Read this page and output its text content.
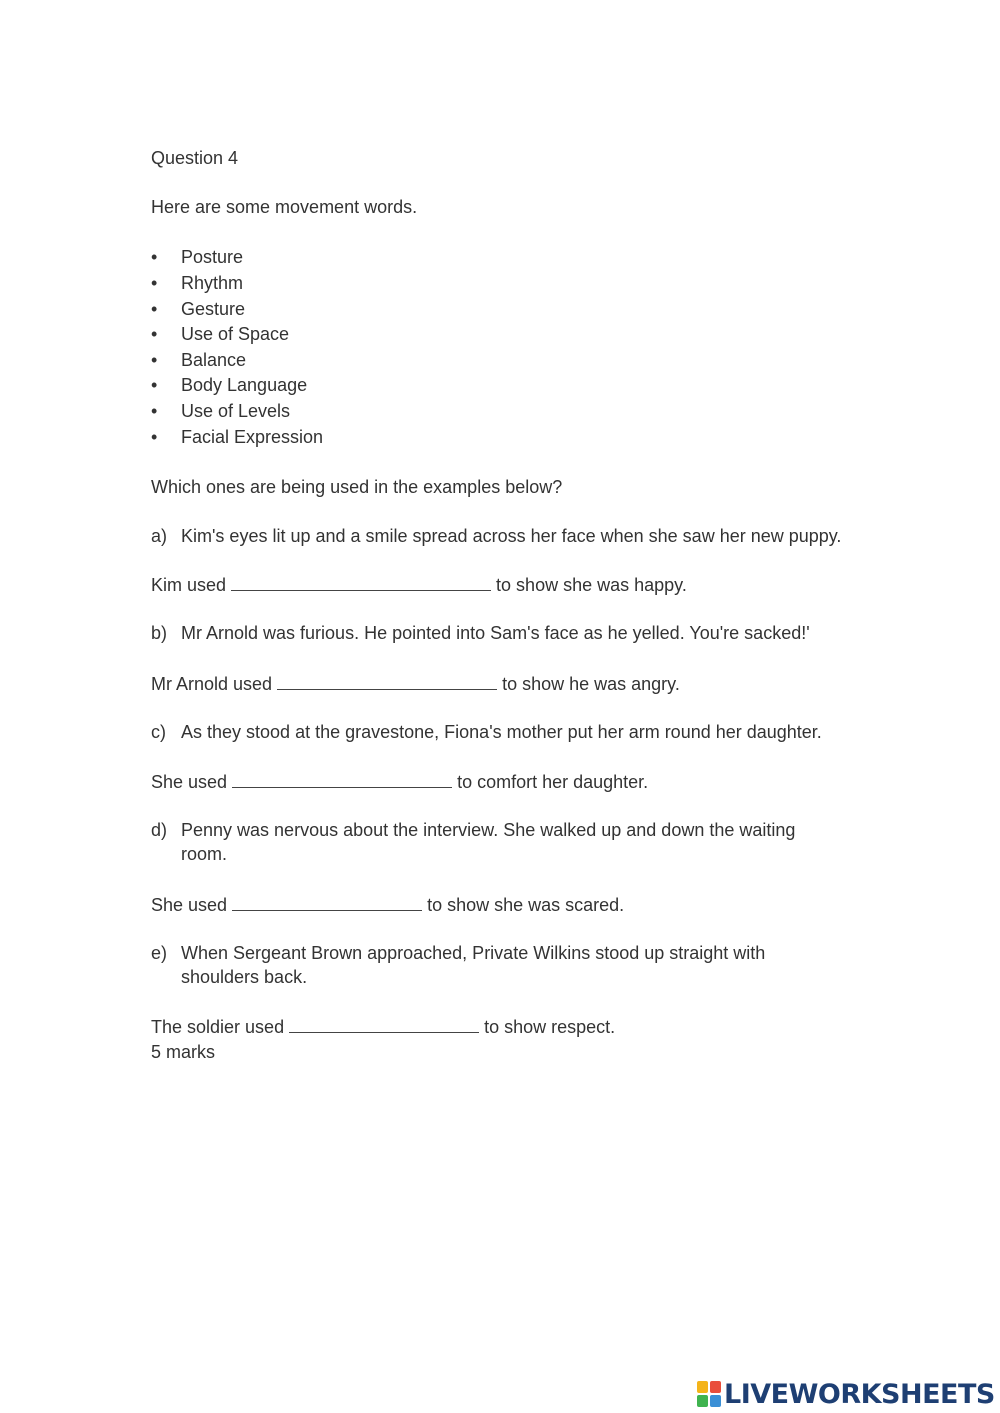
Question 4
Here are some movement words.
•	Posture
•	Rhythm
•	Gesture
•	Use of Space
•	Balance
•	Body Language
•	Use of Levels
•	Facial Expression
Which ones are being used in the examples below?
a) Kim's eyes lit up and a smile spread across her face when she saw her new puppy.
Kim used	to show she was happy.
b) Mr Arnold was furious. He pointed into Sam's face as he yelled. You're sacked!'
Mr Arnold used	to show he was angry.
c) As they stood at the gravestone, Fiona's mother put her arm round her daughter.
She used	to comfort her daughter.
d) Penny was nervous about the interview. She walked up and down the waiting room.
She used	to show she was scared.
e) When Sergeant Brown approached, Private Wilkins stood up straight with shoulders back.
The soldier used	to show respect.
5 marks
LIVEWORKSHEETS
